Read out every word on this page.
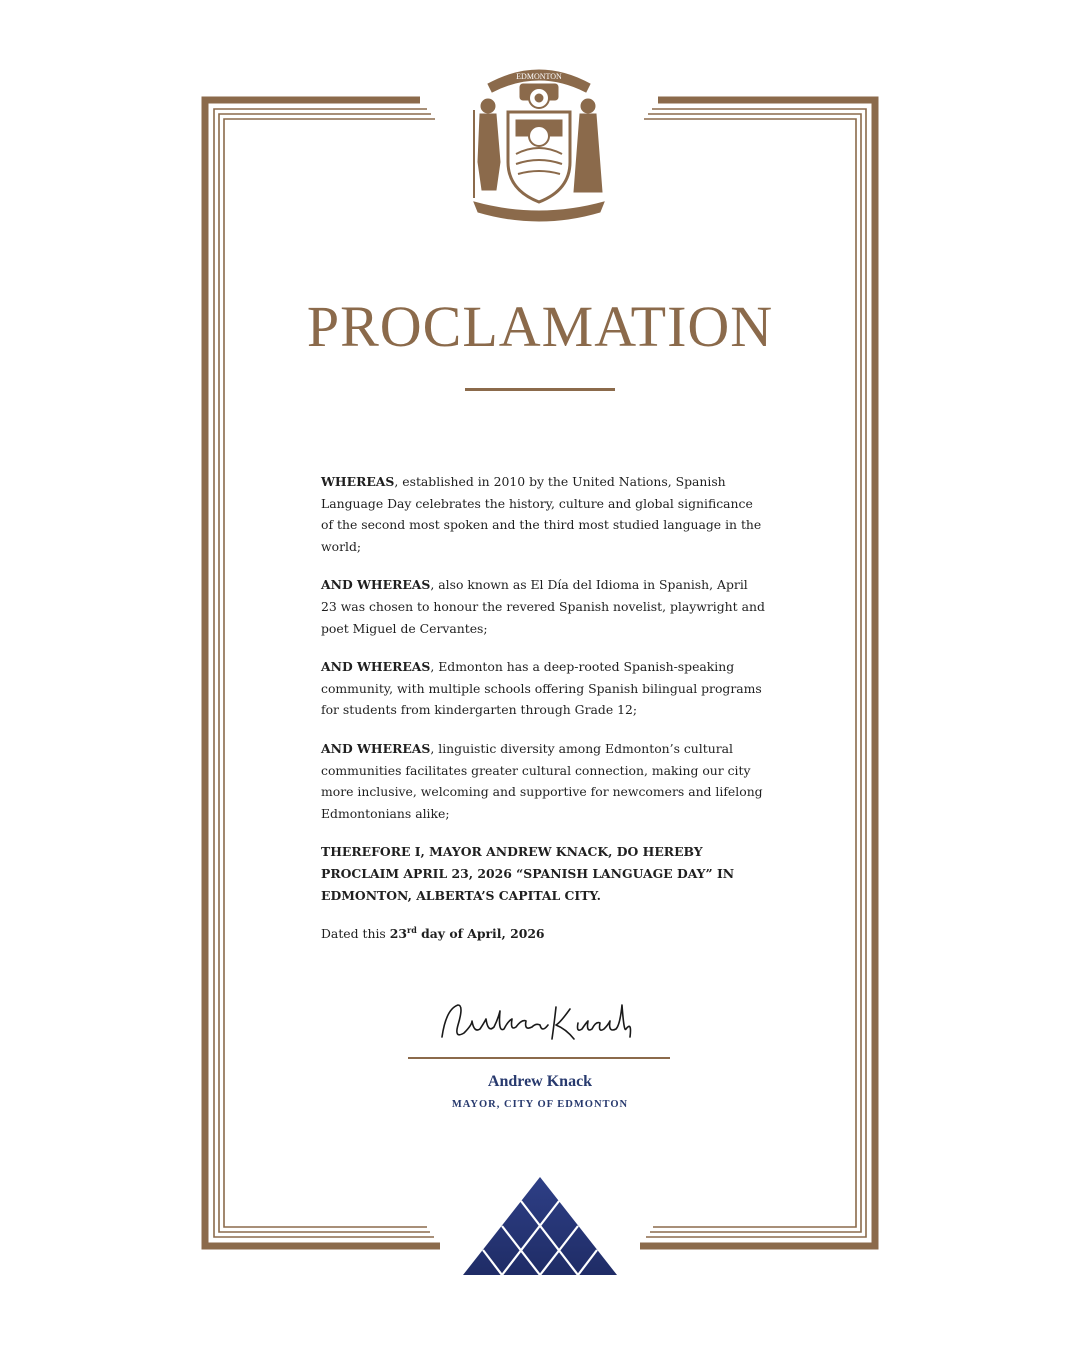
EDMONTON
PROCLAMATION

WHEREAS, established in 2010 by the United Nations, Spanish Language Day celebrates the history, culture and global significance of the second most spoken and the third most studied language in the world;

AND WHEREAS, also known as El Día del Idioma in Spanish, April 23 was chosen to honour the revered Spanish novelist, playwright and poet Miguel de Cervantes;

AND WHEREAS, Edmonton has a deep-rooted Spanish-speaking community, with multiple schools offering Spanish bilingual programs for students from kindergarten through Grade 12;

AND WHEREAS, linguistic diversity among Edmonton’s cultural communities facilitates greater cultural connection, making our city more inclusive, welcoming and supportive for newcomers and lifelong Edmontonians alike;

THEREFORE I, MAYOR ANDREW KNACK, DO HEREBY PROCLAIM APRIL 23, 2026 “SPANISH LANGUAGE DAY” IN EDMONTON, ALBERTA’S CAPITAL CITY.

Dated this 23rd day of April, 2026

Andrew Knack
MAYOR, CITY OF EDMONTON
